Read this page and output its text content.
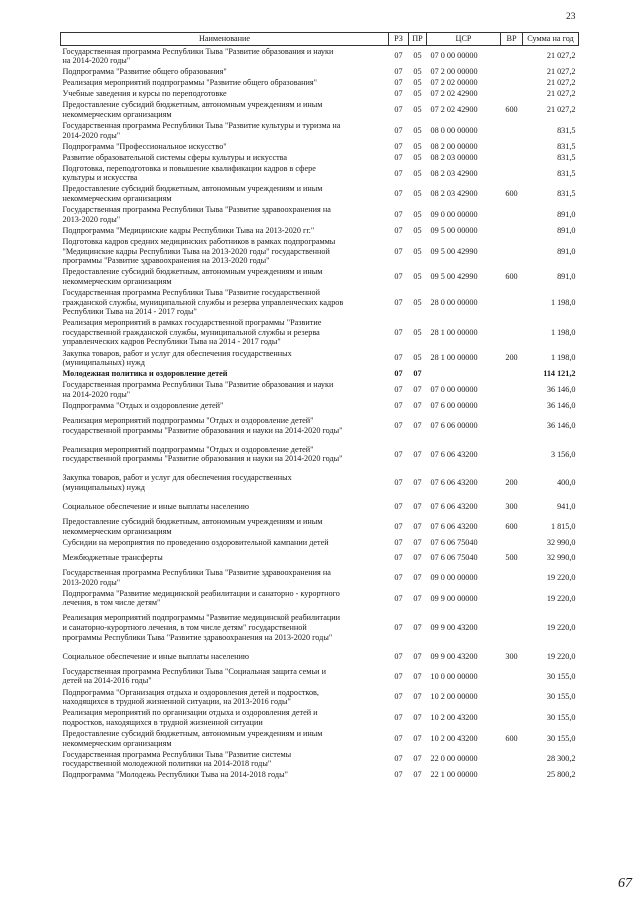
23
Наименование	РЗ	ПР	ЦСР	ВР	Сумма на год
Государственная программа Республики Тыва "Развитие образования и науки
на 2014-2020 годы"	07	05	07 0 00 00000		21 027,2
Подпрограмма "Развитие общего образования"	07	05	07 2 00 00000		21 027,2
Реализация мероприятий подпрограммы "Развитие общего образования"	07	05	07 2 02 00000		21 027,2
Учебные заведения и курсы по переподготовке	07	05	07 2 02 42900		21 027,2
Предоставление субсидий бюджетным, автономным учреждениям и иным
некоммерческим организациям	07	05	07 2 02 42900	600	21 027,2
Государственная программа Республики Тыва "Развитие культуры и туризма на
2014-2020 годы"	07	05	08 0 00 00000		831,5
Подпрограмма "Профессиональное искусство"	07	05	08 2 00 00000		831,5
Развитие образовательной системы сферы культуры и искусства	07	05	08 2 03 00000		831,5
Подготовка, переподготовка и повышение квалификации кадров в сфере
культуры и искусства	07	05	08 2 03 42900		831,5
Предоставление субсидий бюджетным, автономным учреждениям и иным
некоммерческим организациям	07	05	08 2 03 42900	600	831,5
Государственная программа Республики Тыва "Развитие здравоохранения на
2013-2020 годы"	07	05	09 0 00 00000		891,0
Подпрограмма "Медицинские кадры Республики Тыва на 2013-2020 гг."	07	05	09 5 00 00000		891,0
Подготовка кадров средних медицинских работников в рамках подпрограммы
"Медицинские кадры Республики Тыва на 2013-2020 годы" государственной
программы "Развитие здравоохранения на 2013-2020 годы"	07	05	09 5 00 42990		891,0
Предоставление субсидий бюджетным, автономным учреждениям и иным
некоммерческим организациям	07	05	09 5 00 42990	600	891,0
Государственная программа Республики Тыва "Развитие государственной
гражданской службы, муниципальной службы и резерва управленческих кадров
Республики Тыва на 2014 - 2017 годы"	07	05	28 0 00 00000		1 198,0
Реализация мероприятий в рамках государственной программы "Развитие
государственной гражданской службы, муниципальной службы и резерва
управленческих кадров Республики Тыва на 2014 - 2017 годы"	07	05	28 1 00 00000		1 198,0
Закупка товаров, работ и услуг для обеспечения государственных
(муниципальных) нужд	07	05	28 1 00 00000	200	1 198,0
Молодежная политика и оздоровление детей	07	07			114 121,2
Государственная программа Республики Тыва "Развитие образования и науки
на 2014-2020 годы"	07	07	07 0 00 00000		36 146,0
Подпрограмма "Отдых и оздоровление детей"	07	07	07 6 00 00000		36 146,0
Реализация мероприятий подпрограммы "Отдых и оздоровление детей"
государственной программы "Развитие образования и науки на 2014-2020 годы"	07	07	07 6 06 00000		36 146,0
Реализация мероприятий подпрограммы "Отдых и оздоровление детей"
государственной программы "Развитие образования и науки на 2014-2020 годы"	07	07	07 6 06 43200		3 156,0
Закупка товаров, работ и услуг для обеспечения государственных
(муниципальных) нужд	07	07	07 6 06 43200	200	400,0
Социальное обеспечение и иные выплаты населению	07	07	07 6 06 43200	300	941,0
Предоставление субсидий бюджетным, автономным учреждениям и иным
некоммерческим организациям	07	07	07 6 06 43200	600	1 815,0
Субсидии на мероприятия по проведению оздоровительной кампании детей	07	07	07 6 06 75040		32 990,0
Межбюджетные трансферты	07	07	07 6 06 75040	500	32 990,0
Государственная программа Республики Тыва "Развитие здравоохранения на
2013-2020 годы"	07	07	09 0 00 00000		19 220,0
Подпрограмма "Развитие медицинской реабилитации и санаторно - курортного
лечения, в том числе детям"	07	07	09 9 00 00000		19 220,0
Реализация мероприятий подпрограммы "Развитие медицинской реабилитации
и санаторно-курортного лечения, в том числе детям" государственной
программы Республики Тыва "Развитие здравоохранения на 2013-2020 годы"	07	07	09 9 00 43200		19 220,0
Социальное обеспечение и иные выплаты населению	07	07	09 9 00 43200	300	19 220,0
Государственная программа Республики Тыва "Социальная защита семьи и
детей на 2014-2016 годы"	07	07	10 0 00 00000		30 155,0
Подпрограмма "Организация отдыха и оздоровления детей и подростков,
находящихся в трудной жизненной ситуации, на 2013-2016 годы"	07	07	10 2 00 00000		30 155,0
Реализация мероприятий по организации отдыха и оздоровления детей и
подростков, находящихся в трудной жизненной ситуации	07	07	10 2 00 43200		30 155,0
Предоставление субсидий бюджетным, автономным учреждениям и иным
некоммерческим организациям	07	07	10 2 00 43200	600	30 155,0
Государственная программа Республики Тыва "Развитие системы
государственной молодежной политики на 2014-2018 годы"	07	07	22 0 00 00000		28 300,2
Подпрограмма "Молодежь Республики Тыва на 2014-2018 годы"	07	07	22 1 00 00000		25 800,2
67
